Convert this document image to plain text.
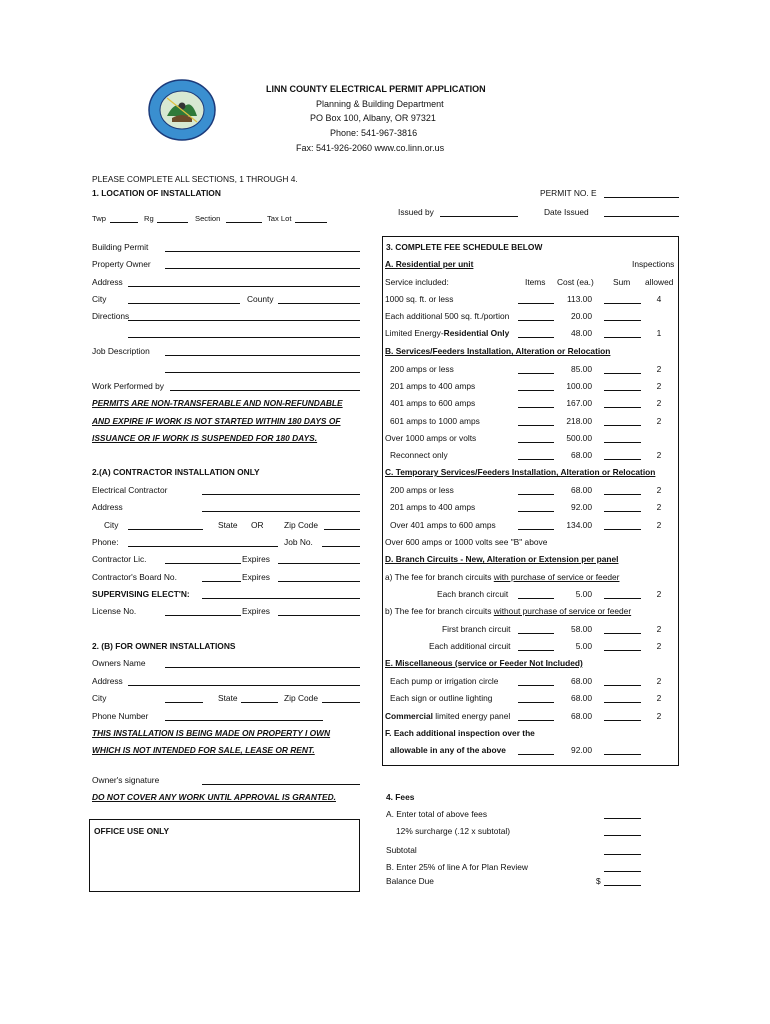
LINN COUNTY ELECTRICAL PERMIT APPLICATION
Planning & Building Department
PO Box 100, Albany, OR 97321
Phone: 541-967-3816
Fax: 541-926-2060 www.co.linn.or.us
PLEASE COMPLETE ALL SECTIONS, 1 THROUGH 4.
1. LOCATION OF INSTALLATION	PERMIT NO. E
Issued by	Date Issued
Twp	Rg	Section	Tax Lot
Building Permit
Property Owner
Address
City	County
Directions
Job Description
Work Performed by
PERMITS ARE NON-TRANSFERABLE AND NON-REFUNDABLE
AND EXPIRE IF WORK IS NOT STARTED WITHIN 180 DAYS OF
ISSUANCE OR IF WORK IS SUSPENDED FOR 180 DAYS.
2.(A) CONTRACTOR INSTALLATION ONLY
Electrical Contractor
Address
City	State OR Zip Code
Phone:	Job No.
Contractor Lic.	Expires
Contractor's Board No.	Expires
SUPERVISING ELECT'N:
License No.	Expires
2. (B) FOR OWNER INSTALLATIONS
Owners Name
Address
City	State	Zip Code
Phone Number
THIS INSTALLATION IS BEING MADE ON PROPERTY I OWN
WHICH IS NOT INTENDED FOR SALE, LEASE OR RENT.
Owner's signature
DO NOT COVER ANY WORK UNTIL APPROVAL IS GRANTED.
OFFICE USE ONLY
3. COMPLETE FEE SCHEDULE BELOW
Inspections
A. Residential per unit
Service included:	Items Cost (ea.) Sum allowed
1000 sq. ft. or less	113.00	4
Each additional 500 sq. ft./portion	20.00
Limited Energy-Residential Only	48.00	1
B. Services/Feeders Installation, Alteration or Relocation
200 amps or less	85.00	2
201 amps to 400 amps	100.00	2
401 amps to 600 amps	167.00	2
601 amps to 1000 amps	218.00	2
Over 1000 amps or volts	500.00
Reconnect only	68.00	2
C. Temporary Services/Feeders Installation, Alteration or Relocation
200 amps or less	68.00	2
201 amps to 400 amps	92.00	2
Over 401 amps to 600 amps	134.00	2
Over 600 amps or 1000 volts see "B" above
D. Branch Circuits - New, Alteration or Extension per panel
a) The fee for branch circuits with purchase of service or feeder
Each branch circuit	5.00	2
b) The fee for branch circuits without purchase of service or feeder
First branch circuit	58.00	2
Each additional circuit	5.00	2
E. Miscellaneous (service or Feeder Not Included)
Each pump or irrigation circle	68.00	2
Each sign or outline lighting	68.00	2
Commercial limited energy panel	68.00	2
F. Each additional inspection over the
allowable in any of the above	92.00
4. Fees
A. Enter total of above fees
12% surcharge (.12 x subtotal)
Subtotal
B. Enter 25% of line A for Plan Review
Balance Due	$
